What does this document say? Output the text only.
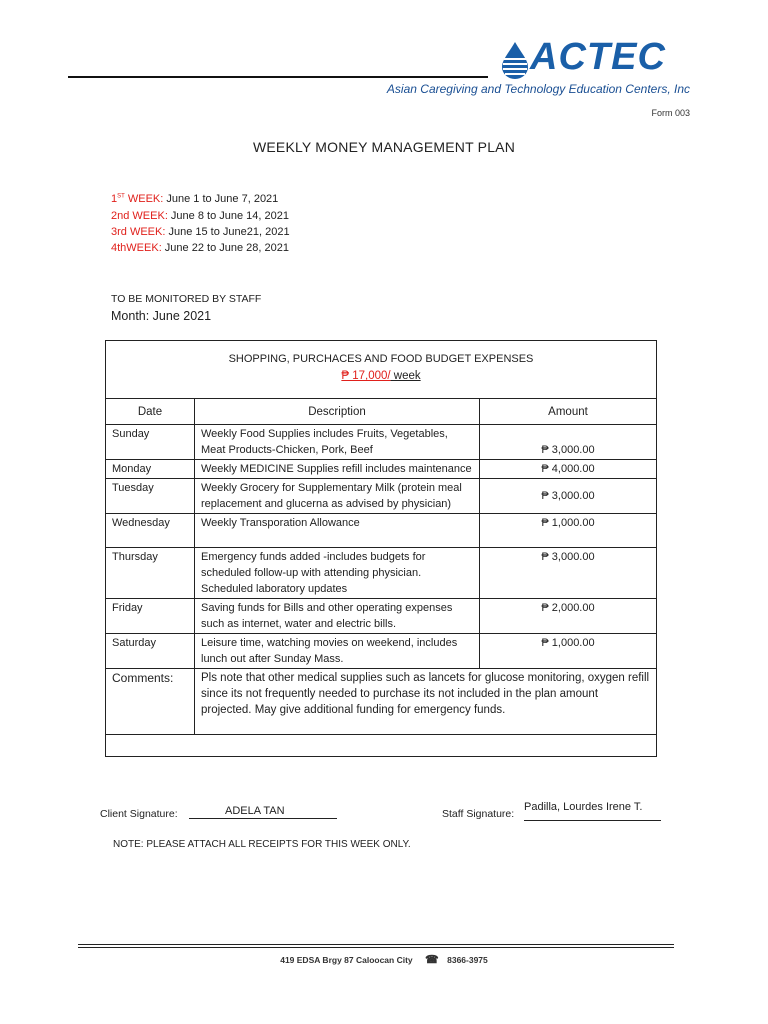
ACTEC
Asian Caregiving and Technology Education Centers, Inc
Form 003
WEEKLY MONEY MANAGEMENT PLAN
1ST WEEK: June 1 to June 7, 2021
2nd WEEK: June 8 to June 14, 2021
3rd WEEK: June 15 to June21, 2021
4thWEEK: June 22 to June 28, 2021
TO BE MONITORED BY STAFF
Month: June 2021
SHOPPING, PURCHACES AND FOOD BUDGET EXPENSES
₱ 17,000/ week
Date	Description	Amount
Sunday	Weekly Food Supplies includes Fruits, Vegetables, Meat Products-Chicken, Pork, Beef	₱ 3,000.00
Monday	Weekly MEDICINE Supplies refill includes maintenance	₱ 4,000.00
Tuesday	Weekly Grocery for Supplementary Milk (protein meal replacement and glucerna as advised by physician)	₱ 3,000.00
Wednesday	Weekly Transporation Allowance	₱ 1,000.00
Thursday	Emergency funds added -includes budgets for scheduled follow-up with attending physician. Scheduled laboratory updates	₱ 3,000.00
Friday	Saving funds for Bills and other operating expenses such as internet, water and electric bills.	₱ 2,000.00
Saturday	Leisure time, watching movies on weekend, includes lunch out after Sunday Mass.	₱ 1,000.00
Comments:	Pls note that other medical supplies such as lancets for glucose monitoring, oxygen refill since its not frequently needed to purchase its not included in the plan amount projected. May give additional funding for emergency funds.	
Client Signature:	ADELA TAN	Staff Signature:
Padilla, Lourdes Irene T.
NOTE: PLEASE ATTACH ALL RECEIPTS FOR THIS WEEK ONLY.
419 EDSA Brgy 87 Caloocan City ☎ 8366-3975
